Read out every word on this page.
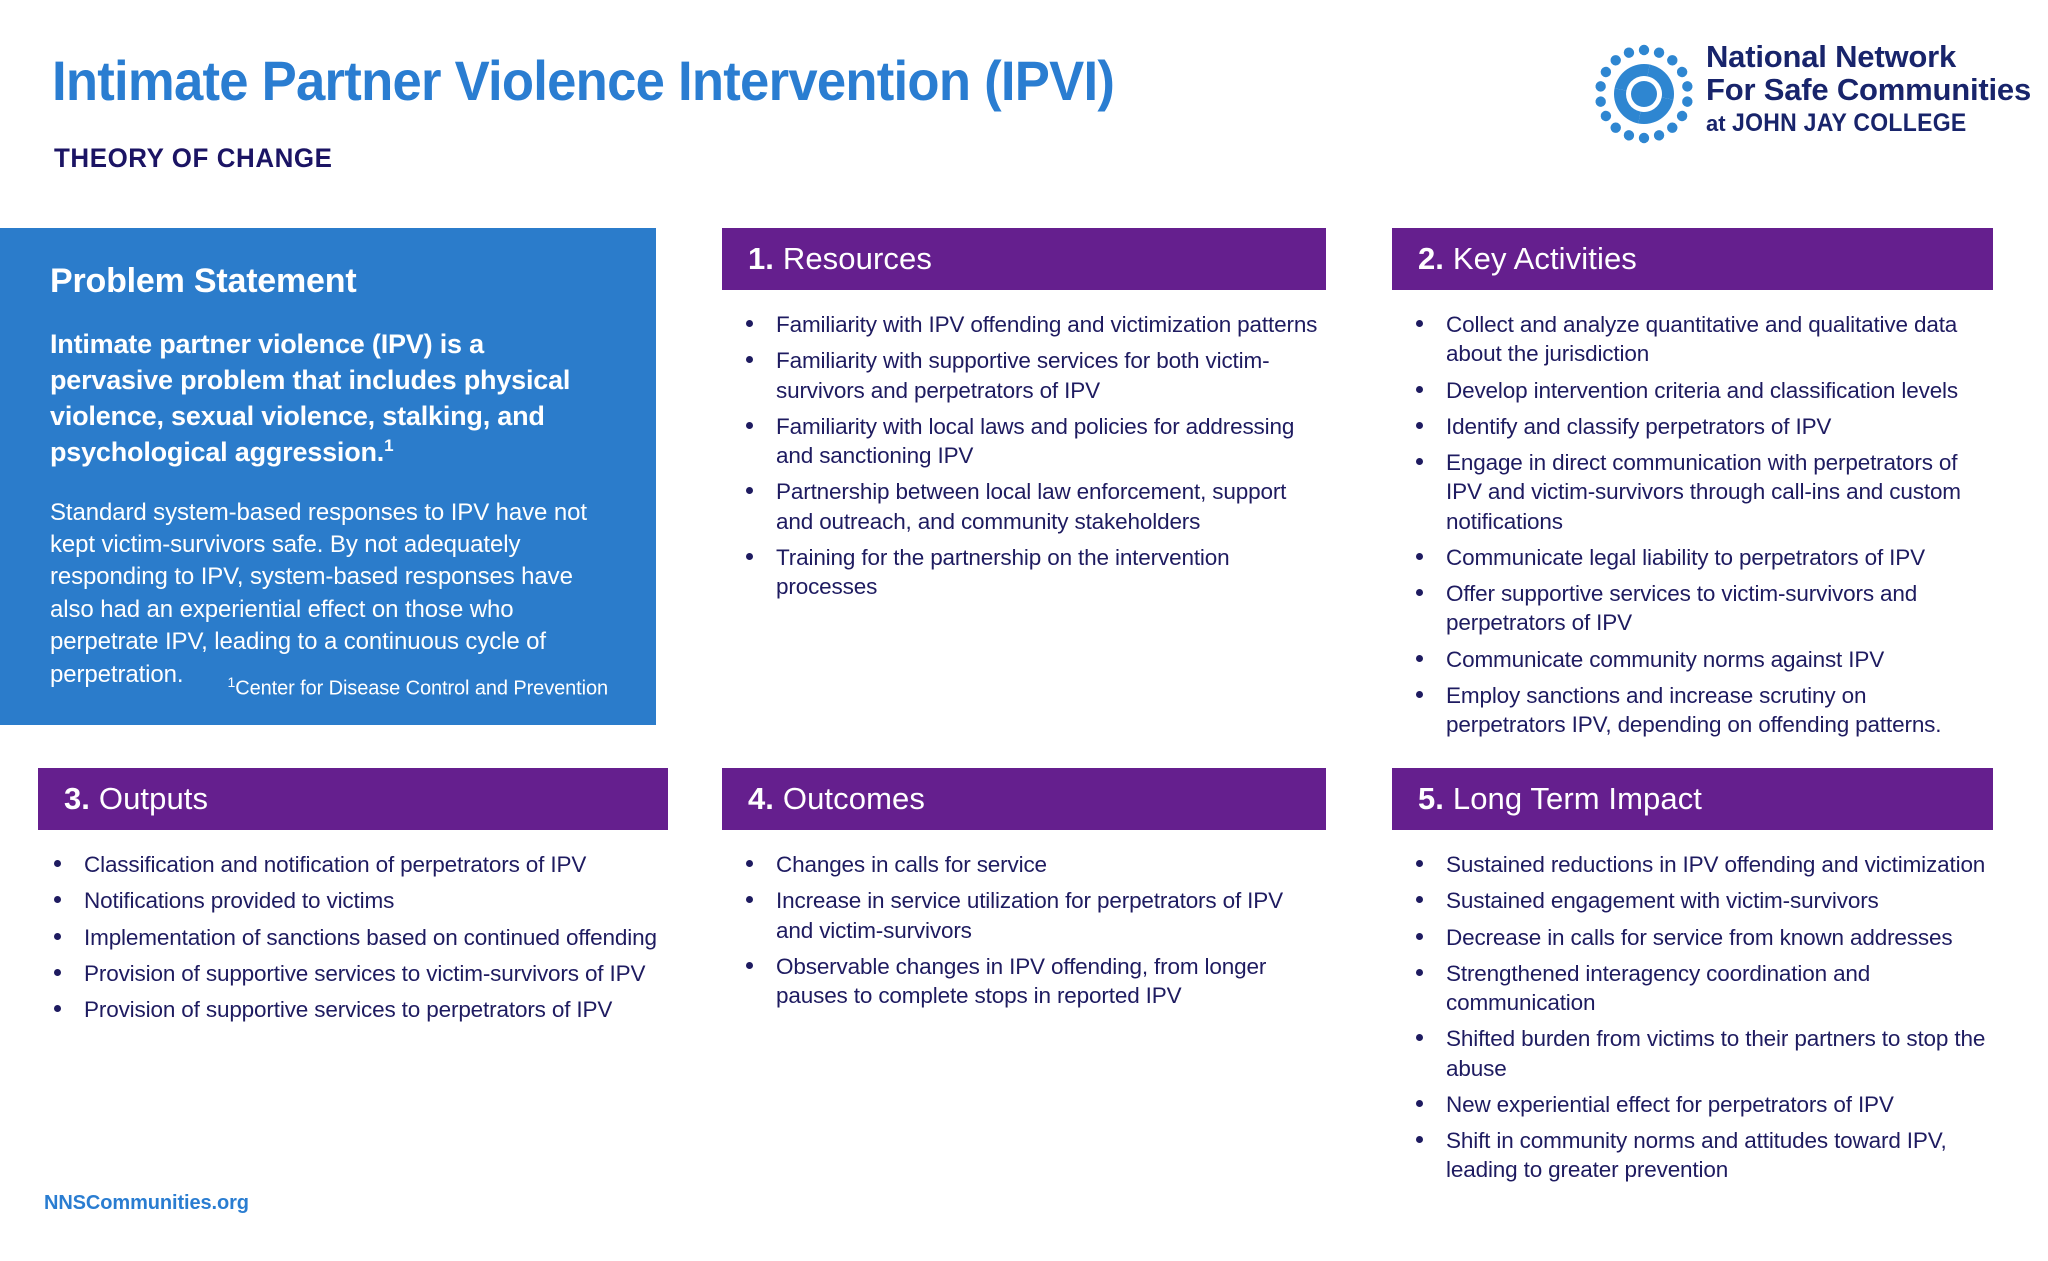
Intimate Partner Violence Intervention (IPVI)
THEORY OF CHANGE
National Network
For Safe Communities
at JOHN JAY COLLEGE
Problem Statement
Intimate partner violence (IPV) is a pervasive problem that includes physical violence, sexual violence, stalking, and psychological aggression.$^1$
Standard system-based responses to IPV have not kept victim-survivors safe. By not adequately responding to IPV, system-based responses have also had an experiential effect on those who perpetrate IPV, leading to a continuous cycle of perpetration.	$^1$Center for Disease Control and Prevention
1. Resources
Familiarity with IPV offending and victimization patterns
Familiarity with supportive services for both victim-survivors and perpetrators of IPV
Familiarity with local laws and policies for addressing and sanctioning IPV
Partnership between local law enforcement, support and outreach, and community stakeholders
Training for the partnership on the intervention processes
2. Key Activities
Collect and analyze quantitative and qualitative data about the jurisdiction
Develop intervention criteria and classification levels
Identify and classify perpetrators of IPV
Engage in direct communication with perpetrators of IPV and victim-survivors through call-ins and custom notifications
Communicate legal liability to perpetrators of IPV
Offer supportive services to victim-survivors and perpetrators of IPV
Communicate community norms against IPV
Employ sanctions and increase scrutiny on perpetrators IPV, depending on offending patterns.
3. Outputs
Classification and notification of perpetrators of IPV
Notifications provided to victims
Implementation of sanctions based on continued offending
Provision of supportive services to victim-survivors of IPV
Provision of supportive services to perpetrators of IPV
4. Outcomes
Changes in calls for service
Increase in service utilization for perpetrators of IPV and victim-survivors
Observable changes in IPV offending, from longer pauses to complete stops in reported IPV
5. Long Term Impact
Sustained reductions in IPV offending and victimization
Sustained engagement with victim-survivors
Decrease in calls for service from known addresses
Strengthened interagency coordination and communication
Shifted burden from victims to their partners to stop the abuse
New experiential effect for perpetrators of IPV
Shift in community norms and attitudes toward IPV, leading to greater prevention
NNSCommunities.org
